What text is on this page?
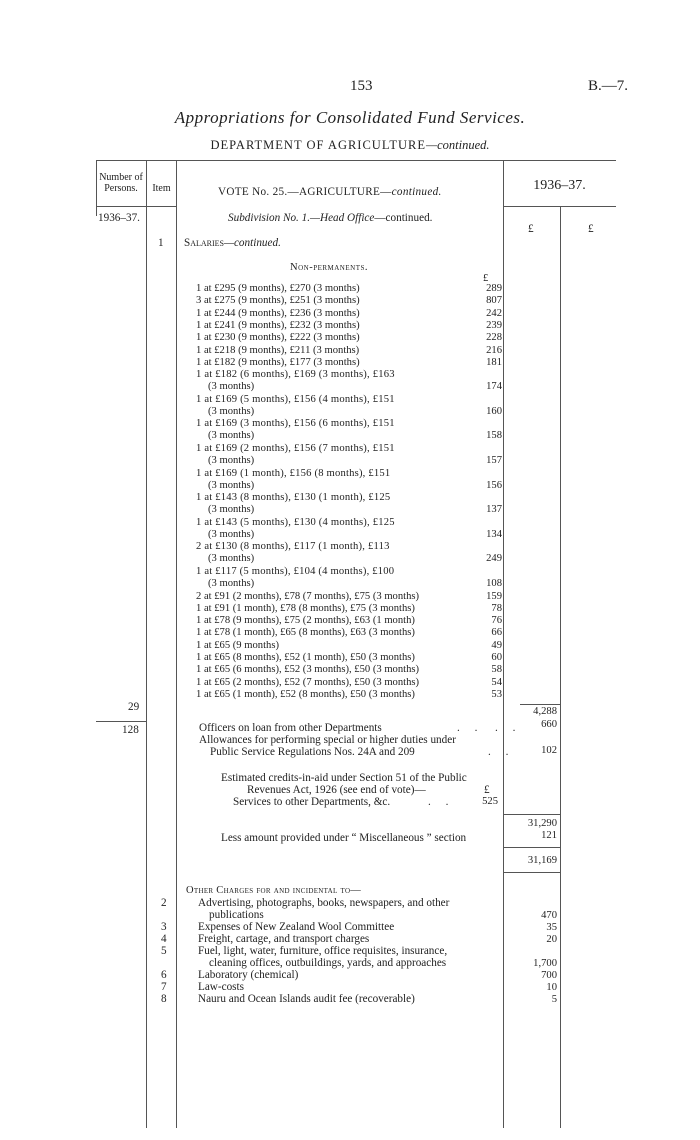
153	B.—7.
Appropriations for Consolidated Fund Services.
DEPARTMENT OF AGRICULTURE—continued.
Number of Persons.	Item	VOTE No. 25.—AGRICULTURE—continued.	1936–37.
1936–37.	Subdivision No. 1.—Head Office—continued.
£	£
1 Salaries—continued.
Non-permanents.
£
1 at £295 (9 months), £270 (3 months)	289
3 at £275 (9 months), £251 (3 months)	807
1 at £244 (9 months), £236 (3 months)	242
1 at £241 (9 months), £232 (3 months)	239
1 at £230 (9 months), £222 (3 months)	228
1 at £218 (9 months), £211 (3 months)	216
1 at £182 (9 months), £177 (3 months)	181
1 at £182 (6 months), £169 (3 months), £163
(3 months)	174
1 at £169 (5 months), £156 (4 months), £151
(3 months)	160
1 at £169 (3 months), £156 (6 months), £151
(3 months)	158
1 at £169 (2 months), £156 (7 months), £151
(3 months)	157
1 at £169 (1 month), £156 (8 months), £151
(3 months)	156
1 at £143 (8 months), £130 (1 month), £125
(3 months)	137
1 at £143 (5 months), £130 (4 months), £125
(3 months)	134
2 at £130 (8 months), £117 (1 month), £113
(3 months)	249
1 at £117 (5 months), £104 (4 months), £100
(3 months)	108
2 at £91 (2 months), £78 (7 months), £75 (3 months)	159
1 at £91 (1 month), £78 (8 months), £75 (3 months)	78
1 at £78 (9 months), £75 (2 months), £63 (1 month)	76
1 at £78 (1 month), £65 (8 months), £63 (3 months)	66
1 at £65 (9 months)	49
1 at £65 (8 months), £52 (1 month), £50 (3 months)	60
1 at £65 (6 months), £52 (3 months), £50 (3 months)	58
1 at £65 (2 months), £52 (7 months), £50 (3 months)	54
1 at £65 (1 month), £52 (8 months), £50 (3 months)	53
29	4,288
128	Officers on loan from other Departments	. . . .	660
Allowances for performing special or higher duties under
Public Service Regulations Nos. 24A and 209	. .	102
Estimated credits-in-aid under Section 51 of the Public
Revenues Act, 1926 (see end of vote)—	£
Services to other Departments, &c.	. .	525
31,290
Less amount provided under “ Miscellaneous ” section	121
31,169
Other Charges for and incidental to—
2	Advertising, photographs, books, newspapers, and other
publications	470
3	Expenses of New Zealand Wool Committee	35
4	Freight, cartage, and transport charges	20
5	Fuel, light, water, furniture, office requisites, insurance,
cleaning offices, outbuildings, yards, and approaches	1,700
6	Laboratory (chemical)	700
7	Law-costs	10
8	Nauru and Ocean Islands audit fee (recoverable)	5
